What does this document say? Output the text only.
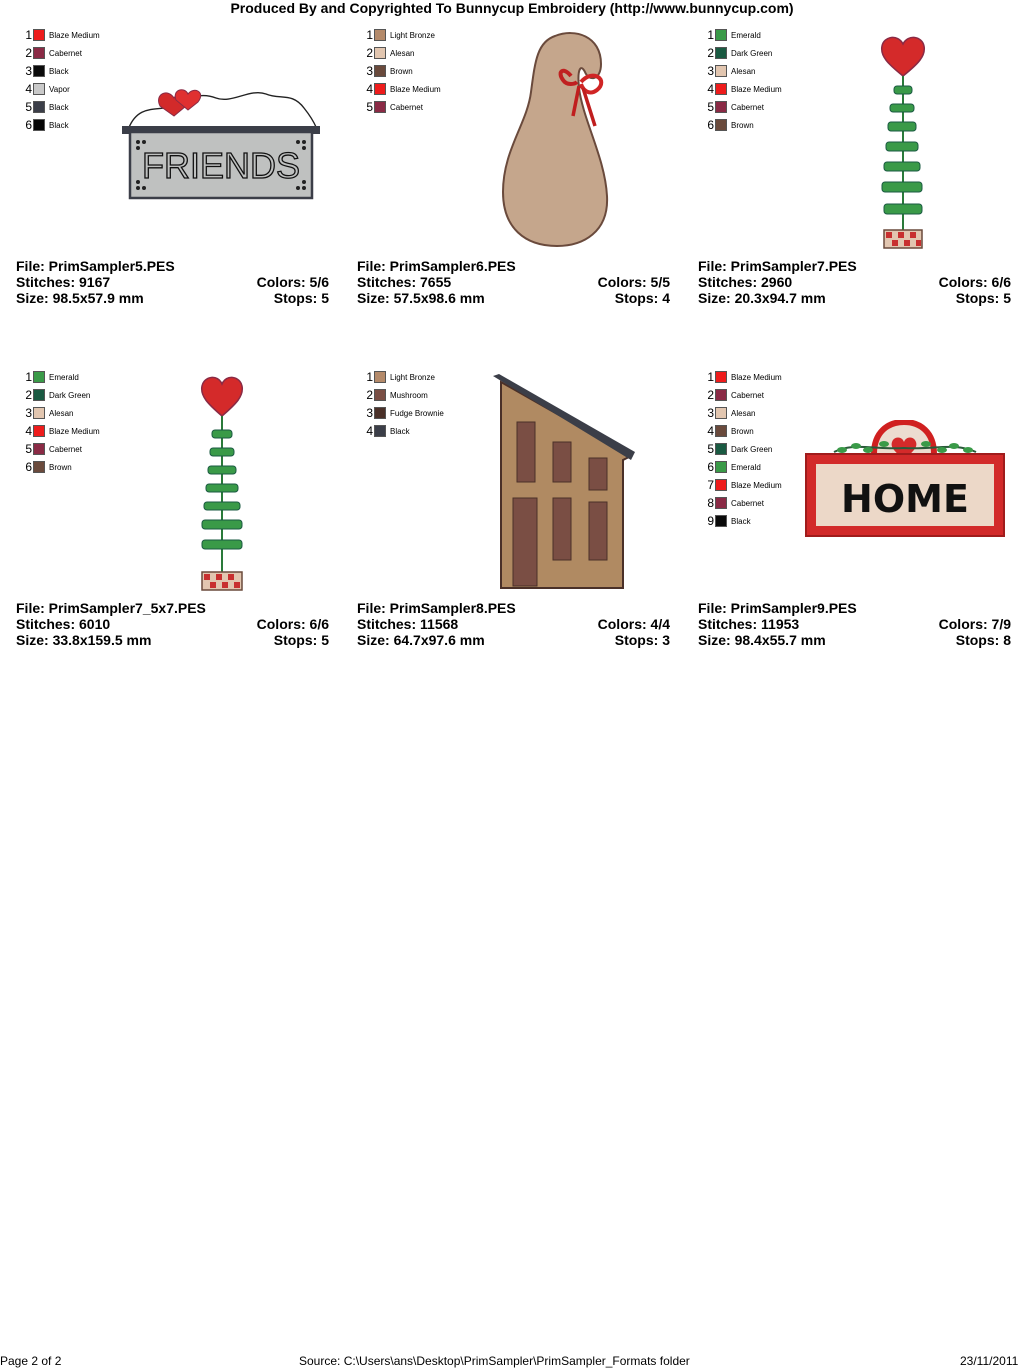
Produced By and Copyrighted To Bunnycup Embroidery (http://www.bunnycup.com)
1 Blaze Medium
2 Cabernet
3 Black
4 Vapor
5 Black
6 Black
FRIENDS
File: PrimSampler5.PES
Stitches: 9167	Colors: 5/6
Size: 98.5x57.9 mm	Stops: 5
1 Light Bronze
2 Alesan
3 Brown
4 Blaze Medium
5 Cabernet
File: PrimSampler6.PES
Stitches: 7655	Colors: 5/5
Size: 57.5x98.6 mm	Stops: 4
1 Emerald
2 Dark Green
3 Alesan
4 Blaze Medium
5 Cabernet
6 Brown
File: PrimSampler7.PES
Stitches: 2960	Colors: 6/6
Size: 20.3x94.7 mm	Stops: 5
1 Emerald
2 Dark Green
3 Alesan
4 Blaze Medium
5 Cabernet
6 Brown
File: PrimSampler7_5x7.PES
Stitches: 6010	Colors: 6/6
Size: 33.8x159.5 mm	Stops: 5
1 Light Bronze
2 Mushroom
3 Fudge Brownie
4 Black
File: PrimSampler8.PES
Stitches: 11568	Colors: 4/4
Size: 64.7x97.6 mm	Stops: 3
1 Blaze Medium
2 Cabernet
3 Alesan
4 Brown
5 Dark Green
6 Emerald
7 Blaze Medium
8 Cabernet
9 Black HOME
File: PrimSampler9.PES
Stitches: 11953	Colors: 7/9
Size: 98.4x55.7 mm	Stops: 8
Page 2 of 2	Source: C:\Users\ans\Desktop\PrimSampler\PrimSampler_Formats folder	23/11/2011
